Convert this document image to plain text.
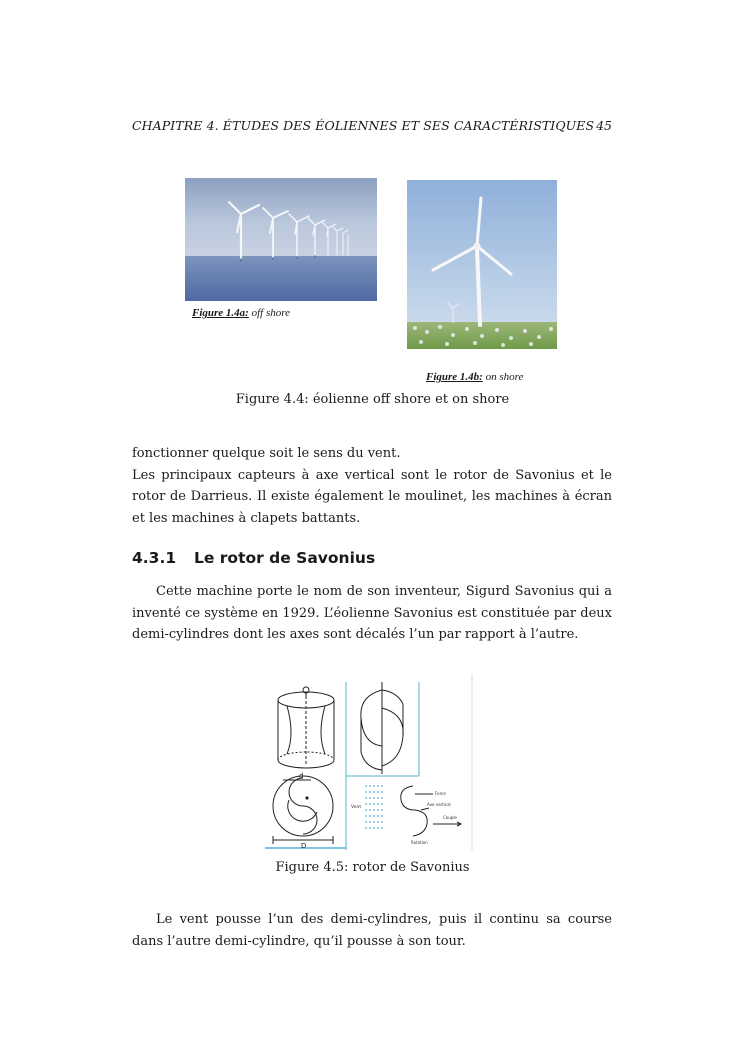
CHAPITRE 4. ÉTUDES DES ÉOLIENNES ET SES CARACTÉRISTIQUES 45
Figure 1.4a: off shore
Figure 1.4b: on shore
Figure 4.4: éolienne off shore et on shore

fonctionner quelque soit le sens du vent.

Les principaux capteurs à axe vertical sont le rotor de Savonius et le rotor de Darrieus. Il existe également le moulinet, les machines à écran et les machines à clapets battants.

4.3.1 Le rotor de Savonius

Cette machine porte le nom de son inventeur, Sigurd Savonius qui a inventé ce système en 1929. L’éolienne Savonius est constituée par deux demi-cylindres dont les axes sont décalés l’un par rapport à l’autre.

d
D
Vent
Force
Axe vertical
Couple
Rotation
Figure 4.5: rotor de Savonius

Le vent pousse l’un des demi-cylindres, puis il continu sa course dans l’autre demi-cylindre, qu’il pousse à son tour.
